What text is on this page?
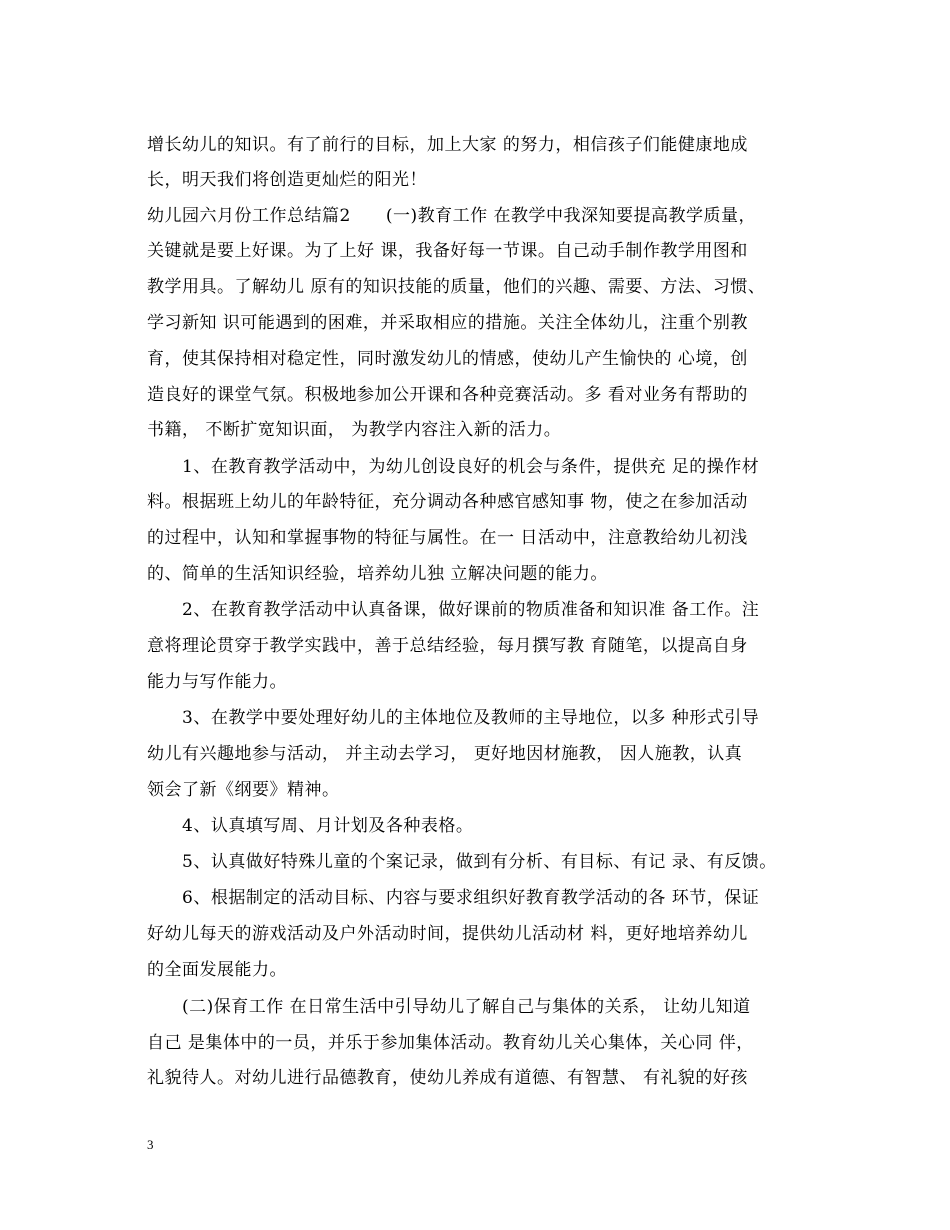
增长幼儿的知识。有了前行的目标，加上大家 的努力，相信孩子们能健康地成
长，明天我们将创造更灿烂的阳光！
幼儿园六月份工作总结篇2　　(一)教育工作 在教学中我深知要提高教学质量，
关键就是要上好课。为了上好 课，我备好每一节课。自己动手制作教学用图和
教学用具。了解幼儿 原有的知识技能的质量，他们的兴趣、需要、方法、习惯、
学习新知 识可能遇到的困难，并采取相应的措施。关注全体幼儿，注重个别教
育，使其保持相对稳定性，同时激发幼儿的情感，使幼儿产生愉快的 心境，创
造良好的课堂气氛。积极地参加公开课和各种竞赛活动。多 看对业务有帮助的
书籍， 不断扩宽知识面， 为教学内容注入新的活力。
　　1、在教育教学活动中，为幼儿创设良好的机会与条件，提供充 足的操作材
料。根据班上幼儿的年龄特征，充分调动各种感官感知事 物，使之在参加活动
的过程中，认知和掌握事物的特征与属性。在一 日活动中，注意教给幼儿初浅
的、简单的生活知识经验，培养幼儿独 立解决问题的能力。
　　2、在教育教学活动中认真备课，做好课前的物质准备和知识准 备工作。注
意将理论贯穿于教学实践中，善于总结经验，每月撰写教 育随笔，以提高自身
能力与写作能力。
　　3、在教学中要处理好幼儿的主体地位及教师的主导地位，以多 种形式引导
幼儿有兴趣地参与活动， 并主动去学习， 更好地因材施教， 因人施教，认真
领会了新《纲要》精神。
　　4、认真填写周、月计划及各种表格。
　　5、认真做好特殊儿童的个案记录，做到有分析、有目标、有记 录、有反馈。
　　6、根据制定的活动目标、内容与要求组织好教育教学活动的各 环节，保证
好幼儿每天的游戏活动及户外活动时间，提供幼儿活动材 料，更好地培养幼儿
的全面发展能力。
　　(二)保育工作 在日常生活中引导幼儿了解自己与集体的关系， 让幼儿知道
自己 是集体中的一员，并乐于参加集体活动。教育幼儿关心集体，关心同 伴，
礼貌待人。对幼儿进行品德教育，使幼儿养成有道德、有智慧、 有礼貌的好孩
3
